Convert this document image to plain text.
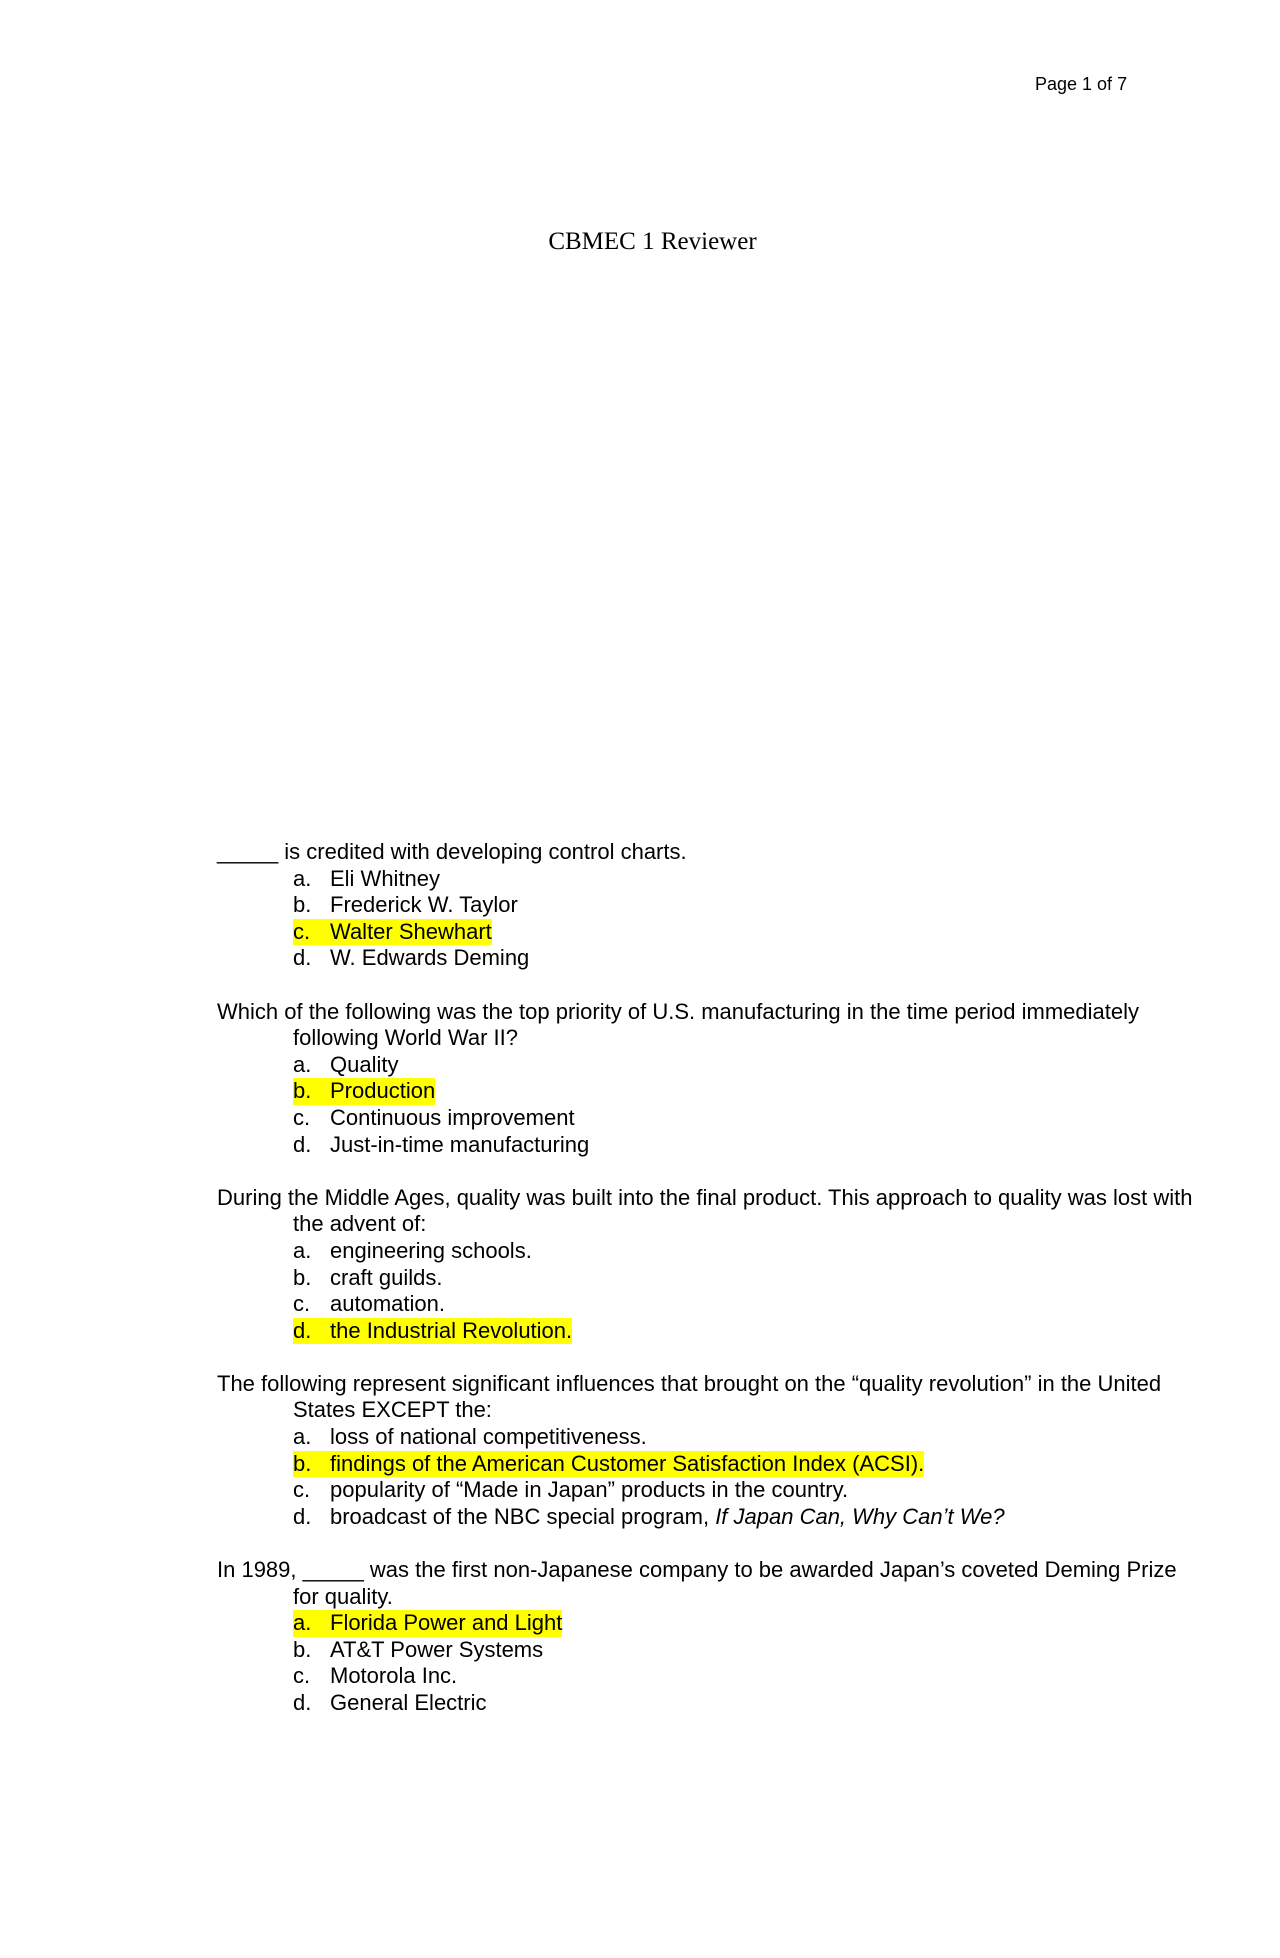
Page 1 of 7
CBMEC 1 Reviewer
_____ is credited with developing control charts.
a. Eli Whitney
b. Frederick W. Taylor
c. Walter Shewhart
d. W. Edwards Deming
Which of the following was the top priority of U.S. manufacturing in the time period immediately following World War II?
a. Quality
b. Production
c. Continuous improvement
d. Just-in-time manufacturing
During the Middle Ages, quality was built into the final product. This approach to quality was lost with the advent of:
a. engineering schools.
b. craft guilds.
c. automation.
d. the Industrial Revolution.
The following represent significant influences that brought on the “quality revolution” in the United States EXCEPT the:
a. loss of national competitiveness.
b. findings of the American Customer Satisfaction Index (ACSI).
c. popularity of “Made in Japan” products in the country.
d. broadcast of the NBC special program, If Japan Can, Why Can’t We?
In 1989, _____ was the first non-Japanese company to be awarded Japan’s coveted Deming Prize for quality.
a. Florida Power and Light
b. AT&T Power Systems
c. Motorola Inc.
d. General Electric
